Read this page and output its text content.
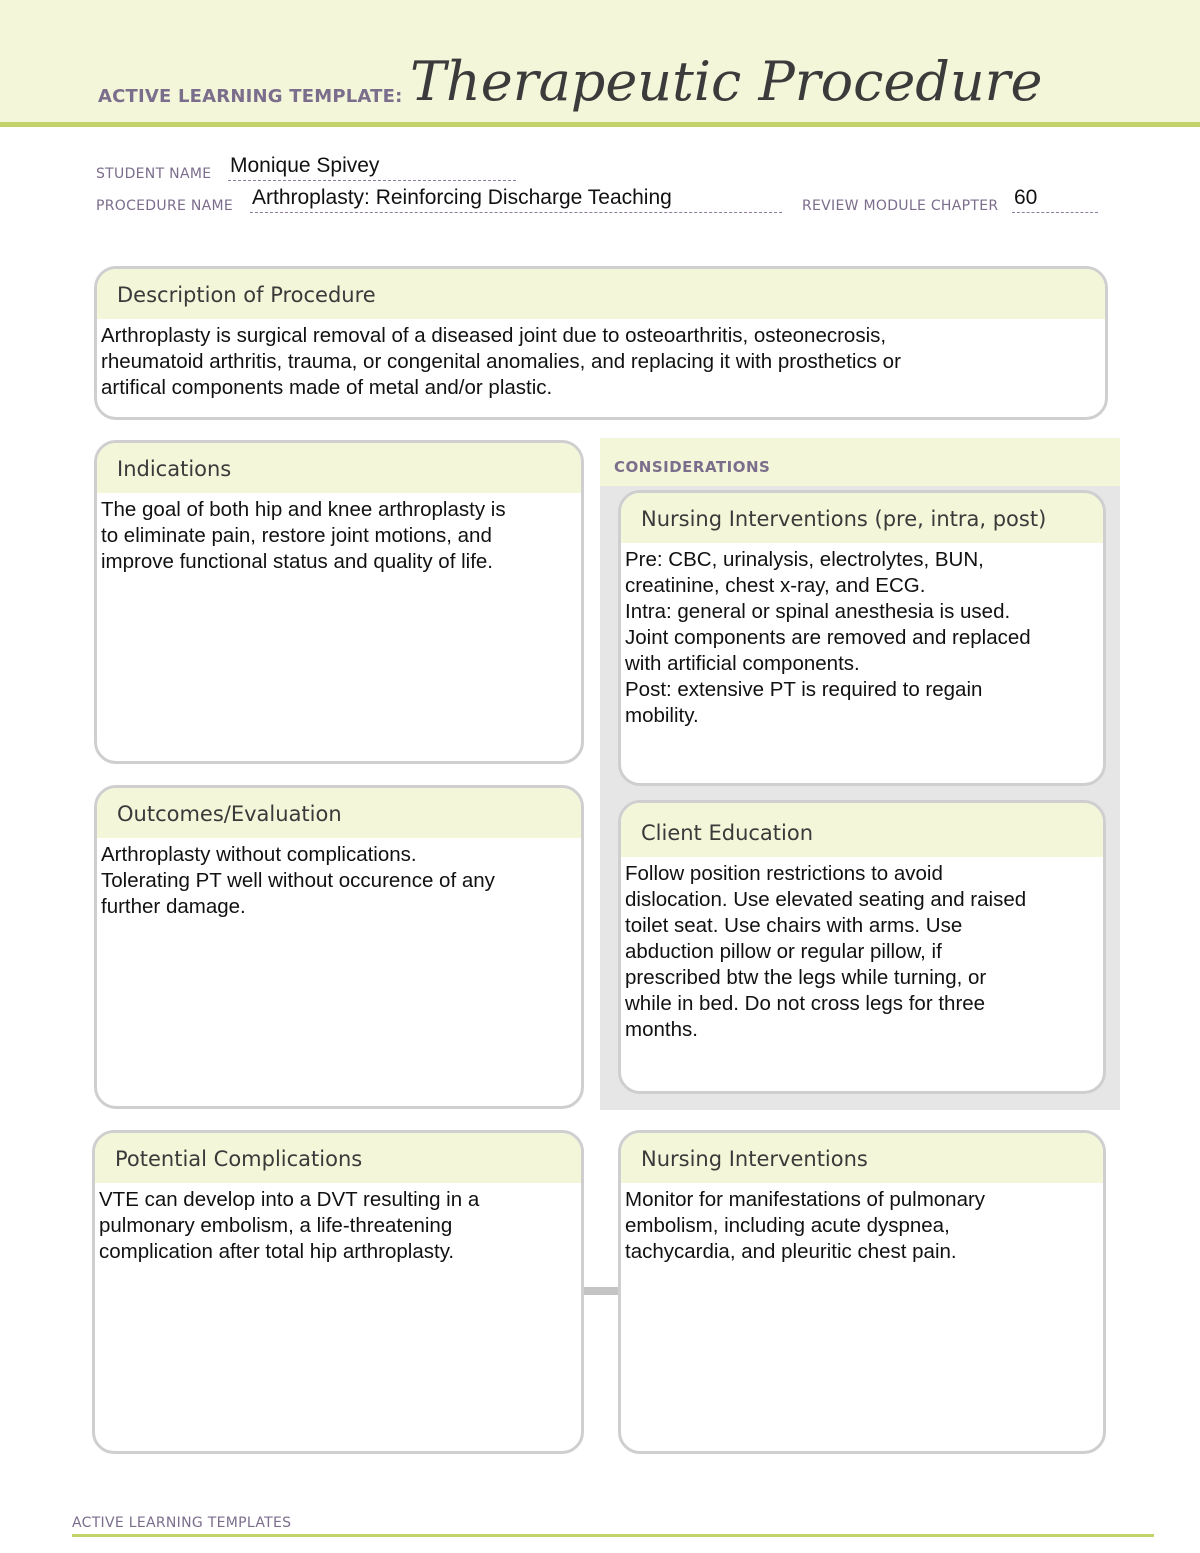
ACTIVE LEARNING TEMPLATE: Therapeutic Procedure
STUDENT NAME Monique Spivey
PROCEDURE NAME Arthroplasty: Reinforcing Discharge Teaching	REVIEW MODULE CHAPTER 60
Description of Procedure
Arthroplasty is surgical removal of a diseased joint due to osteoarthritis, osteonecrosis,
rheumatoid arthritis, trauma, or congenital anomalies, and replacing it with prosthetics or
artifical components made of metal and/or plastic.
CONSIDERATIONS
Indications
The goal of both hip and knee arthroplasty is
to eliminate pain, restore joint motions, and
improve functional status and quality of life.
Nursing Interventions (pre, intra, post)
Pre: CBC, urinalysis, electrolytes, BUN,
creatinine, chest x-ray, and ECG.
Intra: general or spinal anesthesia is used.
Joint components are removed and replaced
with artificial components.
Post: extensive PT is required to regain
mobility.
Outcomes/Evaluation
Arthroplasty without complications.
Tolerating PT well without occurence of any
further damage.
Client Education
Follow position restrictions to avoid
dislocation. Use elevated seating and raised
toilet seat. Use chairs with arms. Use
abduction pillow or regular pillow, if
prescribed btw the legs while turning, or
while in bed. Do not cross legs for three
months.
Potential Complications
VTE can develop into a DVT resulting in a
pulmonary embolism, a life-threatening
complication after total hip arthroplasty.
Nursing Interventions
Monitor for manifestations of pulmonary
embolism, including acute dyspnea,
tachycardia, and pleuritic chest pain.
ACTIVE LEARNING TEMPLATES
